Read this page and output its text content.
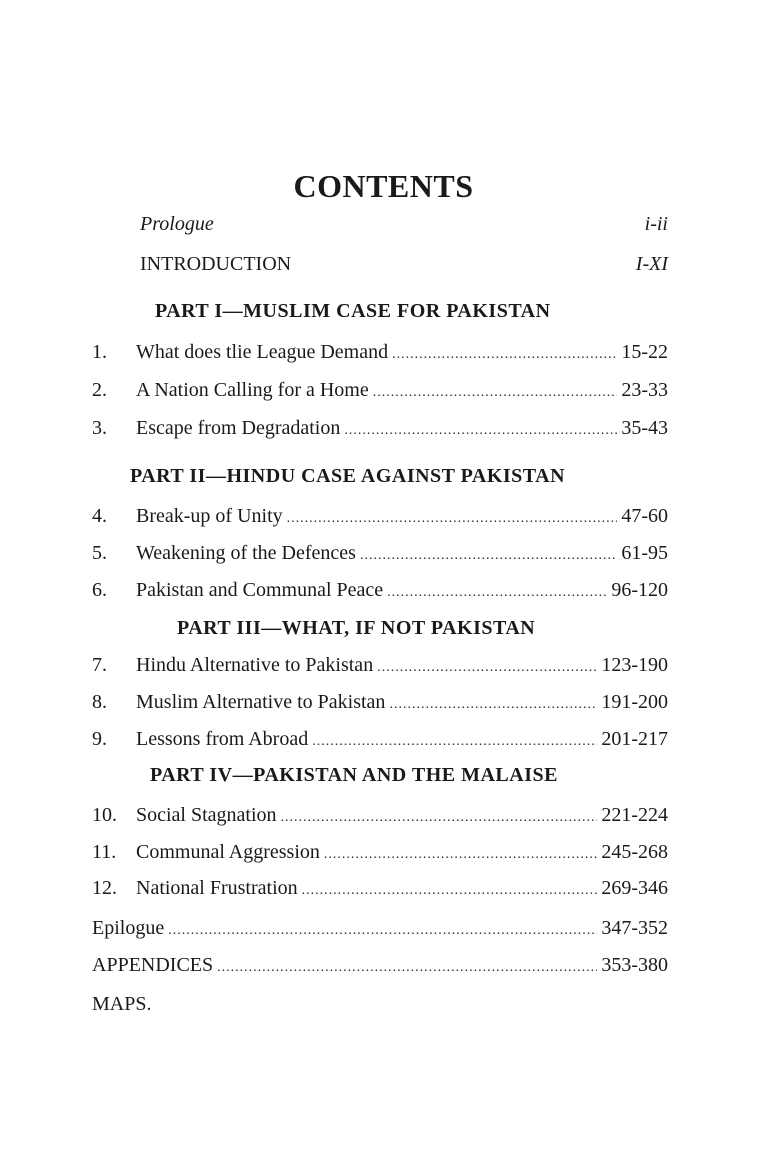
CONTENTS
Prologue	i-ii
INTRODUCTION	I-XI
PART I—MUSLIM CASE FOR PAKISTAN
1.	What does tlie League Demand .....	15-22
2.	A Nation Calling for a Home .....	23-33
3.	Escape from Degradation .....	35-43
PART II—HINDU CASE AGAINST PAKISTAN
4.	Break-up of Unity .....	47-60
5.	Weakening of the Defences .....	61-95
6.	Pakistan and Communal Peace .....	96-120
PART III—WHAT, IF NOT PAKISTAN
7.	Hindu Alternative to Pakistan .....	123-190
8.	Muslim Alternative to Pakistan .....	191-200
9.	Lessons from Abroad .....	201-217
PART IV—PAKISTAN AND THE MALAISE
10. Social Stagnation .....	221-224
11. Communal Aggression .....	245-268
12. National Frustration .....	269-346
Epilogue .....	347-352
APPENDICES .....	353-380
MAPS.
